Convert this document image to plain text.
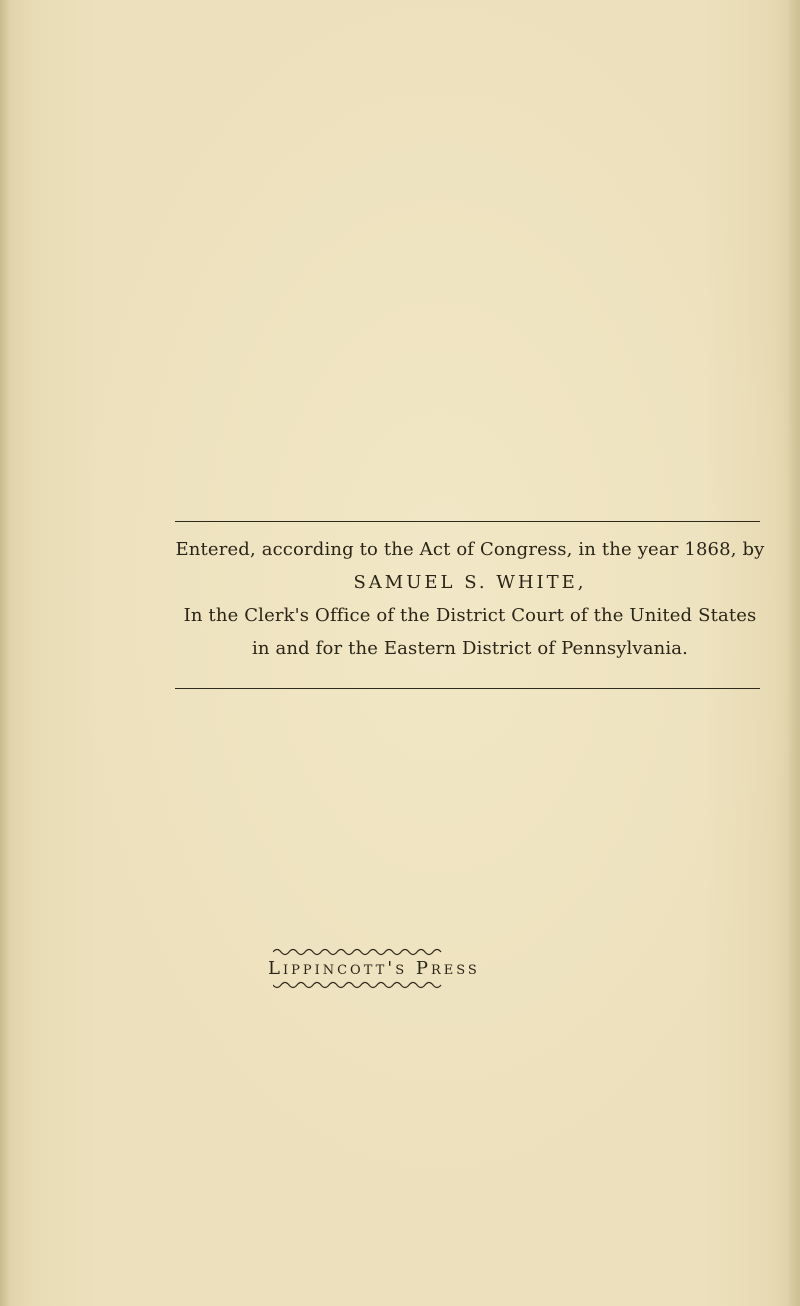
Entered, according to the Act of Congress, in the year 1868, by
SAMUEL S. WHITE,
In the Clerk's Office of the District Court of the United States
in and for the Eastern District of Pennsylvania.
Lippincott's Press
